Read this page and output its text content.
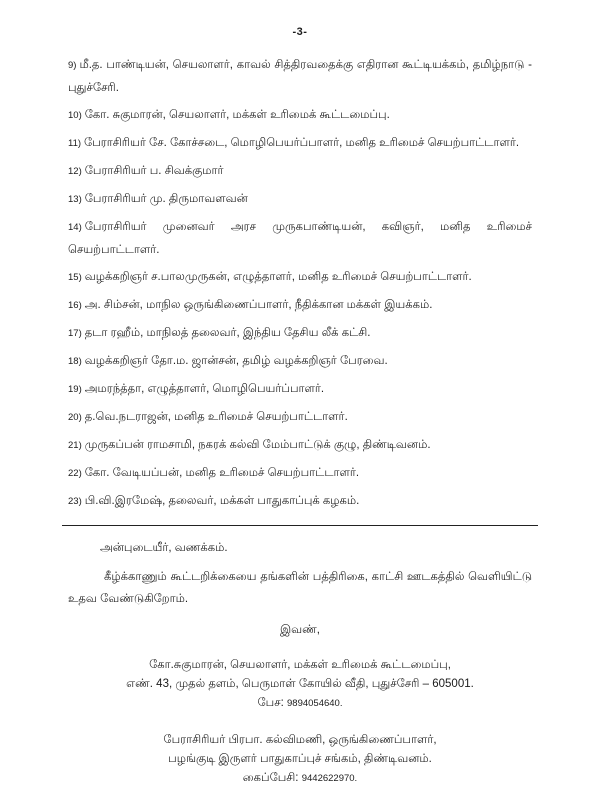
-3-
9) மீ.த. பாண்டியன், செயலாளர், காவல் சித்திரவதைக்கு எதிரான கூட்டியக்கம், தமிழ்நாடு - புதுச்சேரி.
10) கோ. சுகுமாரன், செயலாளர், மக்கள் உரிமைக் கூட்டமைப்பு.
11) பேராசிரியர் சே. கோச்சடை, மொழிபெயர்ப்பாளர், மனித உரிமைச் செயற்பாட்டாளர்.
12) பேராசிரியர் ப. சிவக்குமார்
13) பேராசிரியர் மு. திருமாவளவன்
14) பேராசிரியர் முனைவர் அரச முருகபாண்டியன், கவிஞர், மனித உரிமைச் செயற்பாட்டாளர்.
15) வழக்கறிஞர் ச.பாலமுருகன், எழுத்தாளர், மனித உரிமைச் செயற்பாட்டாளர்.
16) அ. சிம்சன், மாநில ஒருங்கிணைப்பாளர், நீதிக்கான மக்கள் இயக்கம்.
17) தடா ரஹீம், மாநிலத் தலைவர், இந்திய தேசிய லீக் கட்சி.
18) வழக்கறிஞர் தோ.ம. ஜான்சன், தமிழ் வழக்கறிஞர் பேரவை.
19) அமரந்த்தா, எழுத்தாளர், மொழிபெயர்ப்பாளர்.
20) த.வெ.நடராஜன், மனித உரிமைச் செயற்பாட்டாளர்.
21) முருகப்பன் ராமசாமி, நகரக் கல்வி மேம்பாட்டுக் குழு, திண்டிவனம்.
22) கோ. வேடியப்பன், மனித உரிமைச் செயற்பாட்டாளர்.
23) பி.வி.இரமேஷ், தலைவர், மக்கள் பாதுகாப்புக் கழகம்.
அன்புடையீர், வணக்கம்.
கீழ்க்காணும் கூட்டறிக்கையை தங்களின் பத்திரிகை, காட்சி ஊடகத்தில் வெளியிட்டு உதவ வேண்டுகிறோம்.
இவண்,
கோ.சுகுமாரன், செயலாளர், மக்கள் உரிமைக் கூட்டமைப்பு,
எண். 43, முதல் தளம், பெருமாள் கோயில் வீதி, புதுச்சேரி – 605001.
பேச: 9894054640.
பேராசிரியர் பிரபா. கல்விமணி, ஒருங்கிணைப்பாளர்,
பழங்குடி இருளர் பாதுகாப்புச் சங்கம், திண்டிவனம்.
கைப்பேசி: 9442622970.
